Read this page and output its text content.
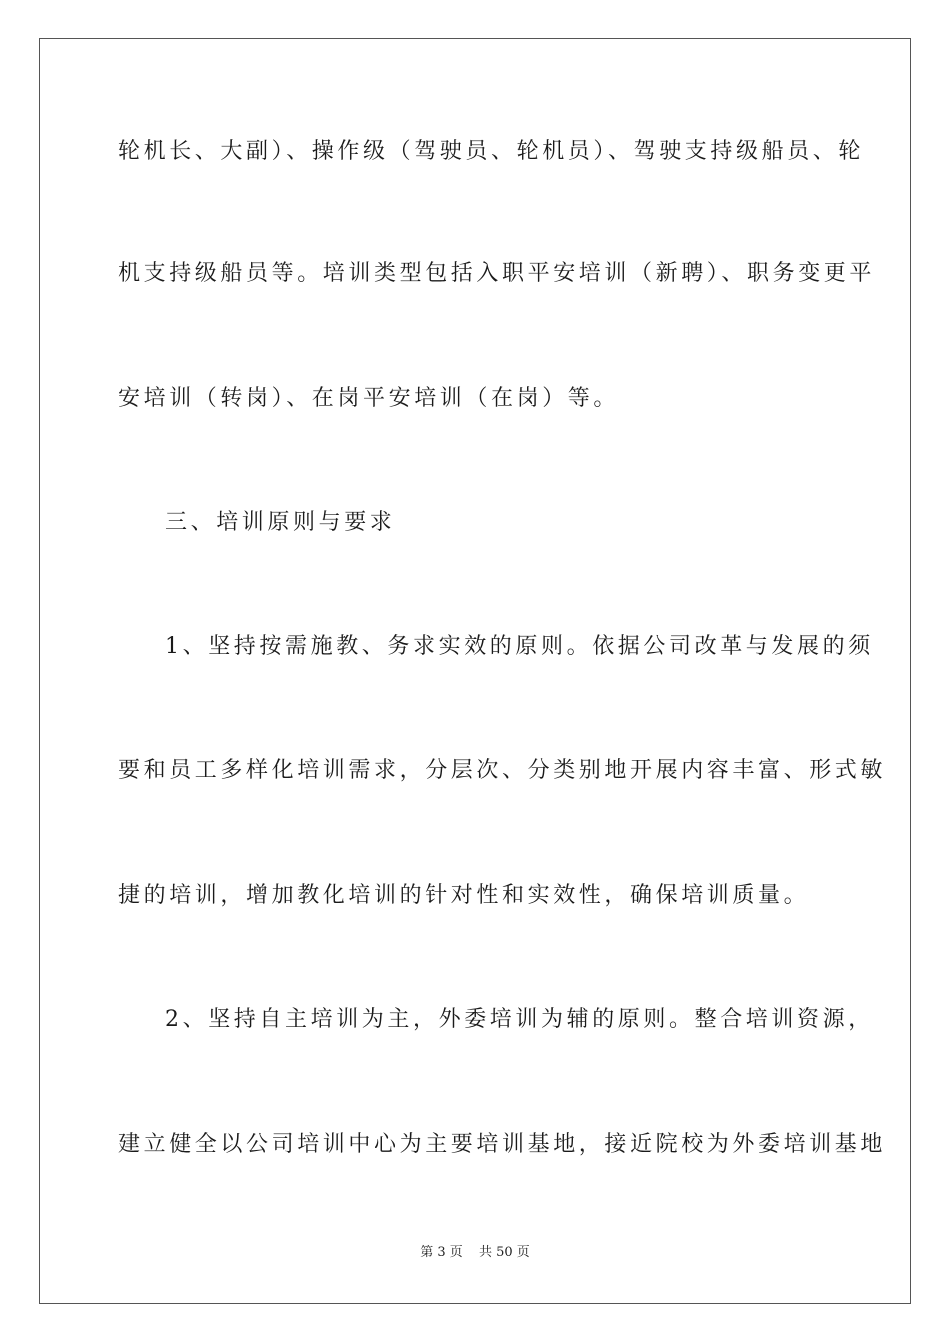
轮机长、大副）、操作级（驾驶员、轮机员）、驾驶支持级船员、轮
机支持级船员等。培训类型包括入职平安培训（新聘）、职务变更平
安培训（转岗）、在岗平安培训（在岗）等。
三、培训原则与要求
1、坚持按需施教、务求实效的原则。依据公司改革与发展的须
要和员工多样化培训需求，分层次、分类别地开展内容丰富、形式敏
捷的培训，增加教化培训的针对性和实效性，确保培训质量。
2、坚持自主培训为主，外委培训为辅的原则。整合培训资源，
建立健全以公司培训中心为主要培训基地，接近院校为外委培训基地
第 3 页 共 50 页
